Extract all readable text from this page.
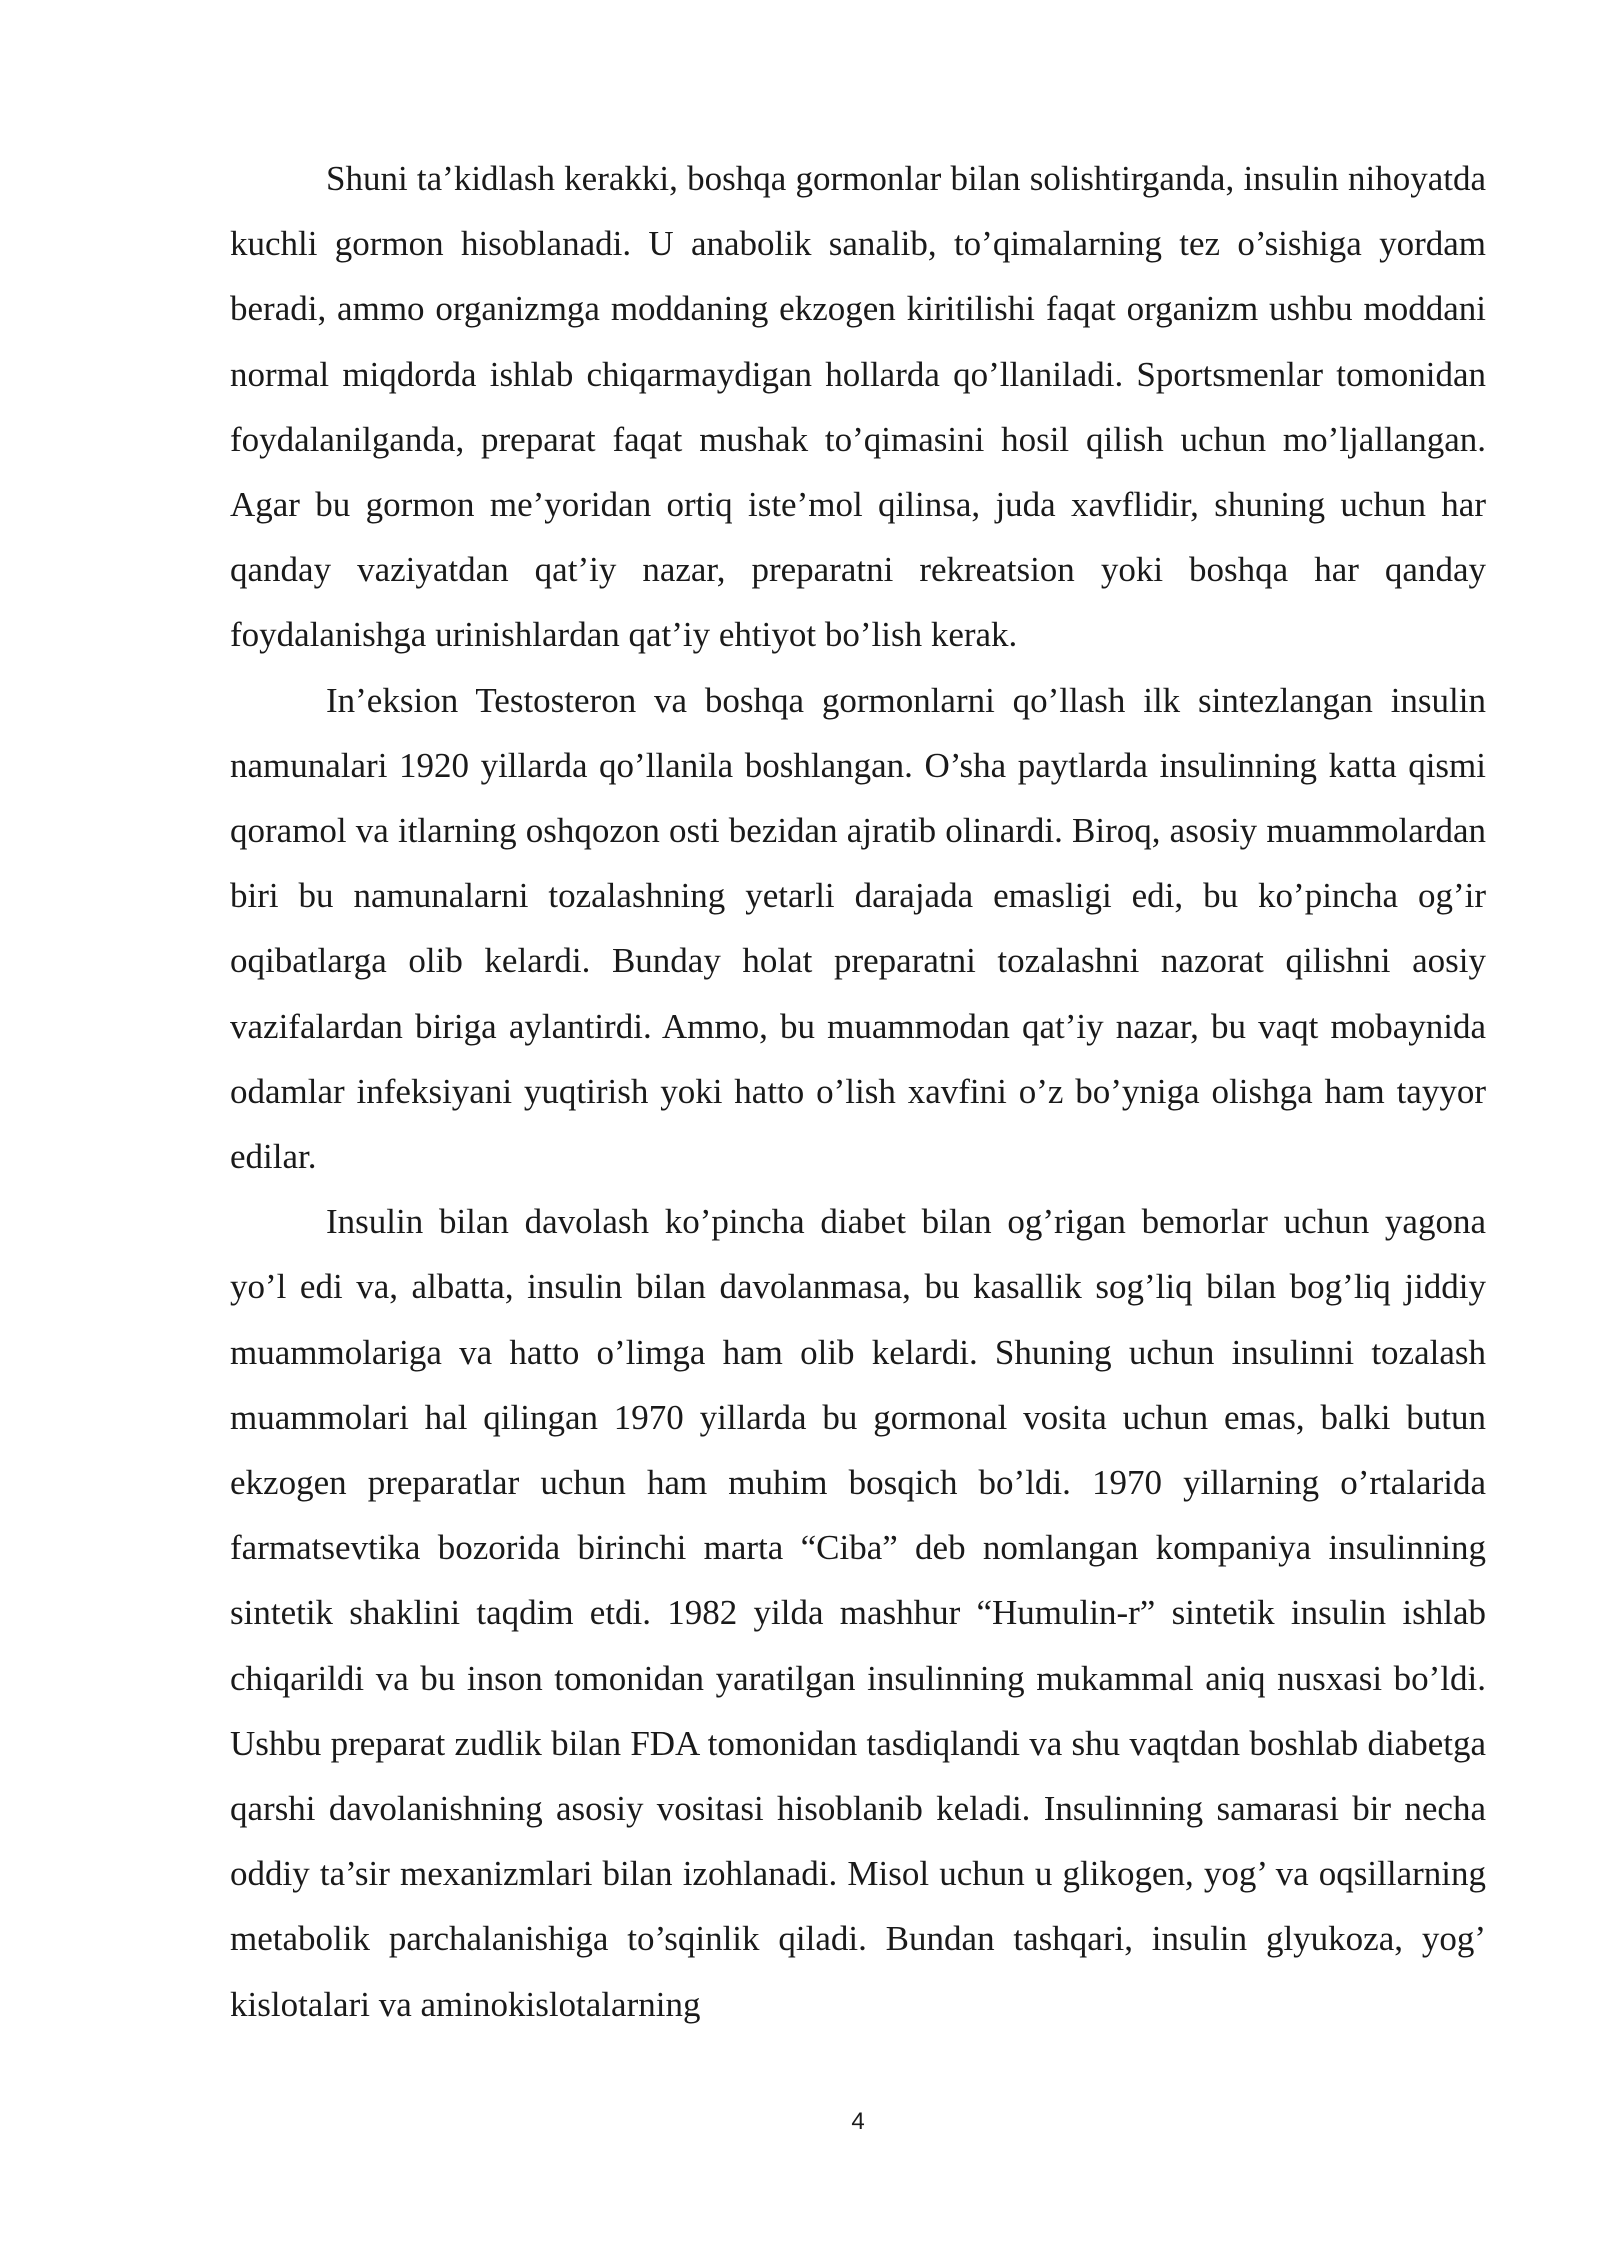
Shuni ta’kidlash kerakki, boshqa gormonlar bilan solishtirganda, insulin nihoyatda kuchli gormon hisoblanadi. U anabolik sanalib, to’qimalarning tez o’sishiga yordam beradi, ammo organizmga moddaning ekzogen kiritilishi faqat organizm ushbu moddani normal miqdorda ishlab chiqarmaydigan hollarda qo’llaniladi. Sportsmenlar tomonidan foydalanilganda, preparat faqat mushak to’qimasini hosil qilish uchun mo’ljallangan. Agar bu gormon me’yoridan ortiq iste’mol qilinsa, juda xavflidir, shuning uchun har qanday vaziyatdan qat’iy nazar, preparatni rekreatsion yoki boshqa har qanday foydalanishga urinishlardan qat’iy ehtiyot bo’lish kerak.

In’eksion Testosteron va boshqa gormonlarni qo’llash ilk sintezlangan insulin namunalari 1920 yillarda qo’llanila boshlangan. O’sha paytlarda insulinning katta qismi qoramol va itlarning oshqozon osti bezidan ajratib olinardi. Biroq, asosiy muammolardan biri bu namunalarni tozalashning yetarli darajada emasligi edi, bu ko’pincha og’ir oqibatlarga olib kelardi. Bunday holat preparatni tozalashni nazorat qilishni aosiy vazifalardan biriga aylantirdi. Ammo, bu muammodan qat’iy nazar, bu vaqt mobaynida odamlar infeksiyani yuqtirish yoki hatto o’lish xavfini o’z bo’yniga olishga ham tayyor edilar.

Insulin bilan davolash ko’pincha diabet bilan og’rigan bemorlar uchun yagona yo’l edi va, albatta, insulin bilan davolanmasa, bu kasallik sog’liq bilan bog’liq jiddiy muammolariga va hatto o’limga ham olib kelardi. Shuning uchun insulinni tozalash muammolari hal qilingan 1970 yillarda bu gormonal vosita uchun emas, balki butun ekzogen preparatlar uchun ham muhim bosqich bo’ldi. 1970 yillarning o’rtalarida farmatsevtika bozorida birinchi marta “Ciba” deb nomlangan kompaniya insulinning sintetik shaklini taqdim etdi. 1982 yilda mashhur “Humulin-r” sintetik insulin ishlab chiqarildi va bu inson tomonidan yaratilgan insulinning mukammal aniq nusxasi bo’ldi. Ushbu preparat zudlik bilan FDA tomonidan tasdiqlandi va shu vaqtdan boshlab diabetga qarshi davolanishning asosiy vositasi hisoblanib keladi. Insulinning samarasi bir necha oddiy ta’sir mexanizmlari bilan izohlanadi. Misol uchun u glikogen, yog’ va oqsillarning metabolik parchalanishiga to’sqinlik qiladi. Bundan tashqari, insulin glyukoza, yog’ kislotalari va aminokislotalarning

4
